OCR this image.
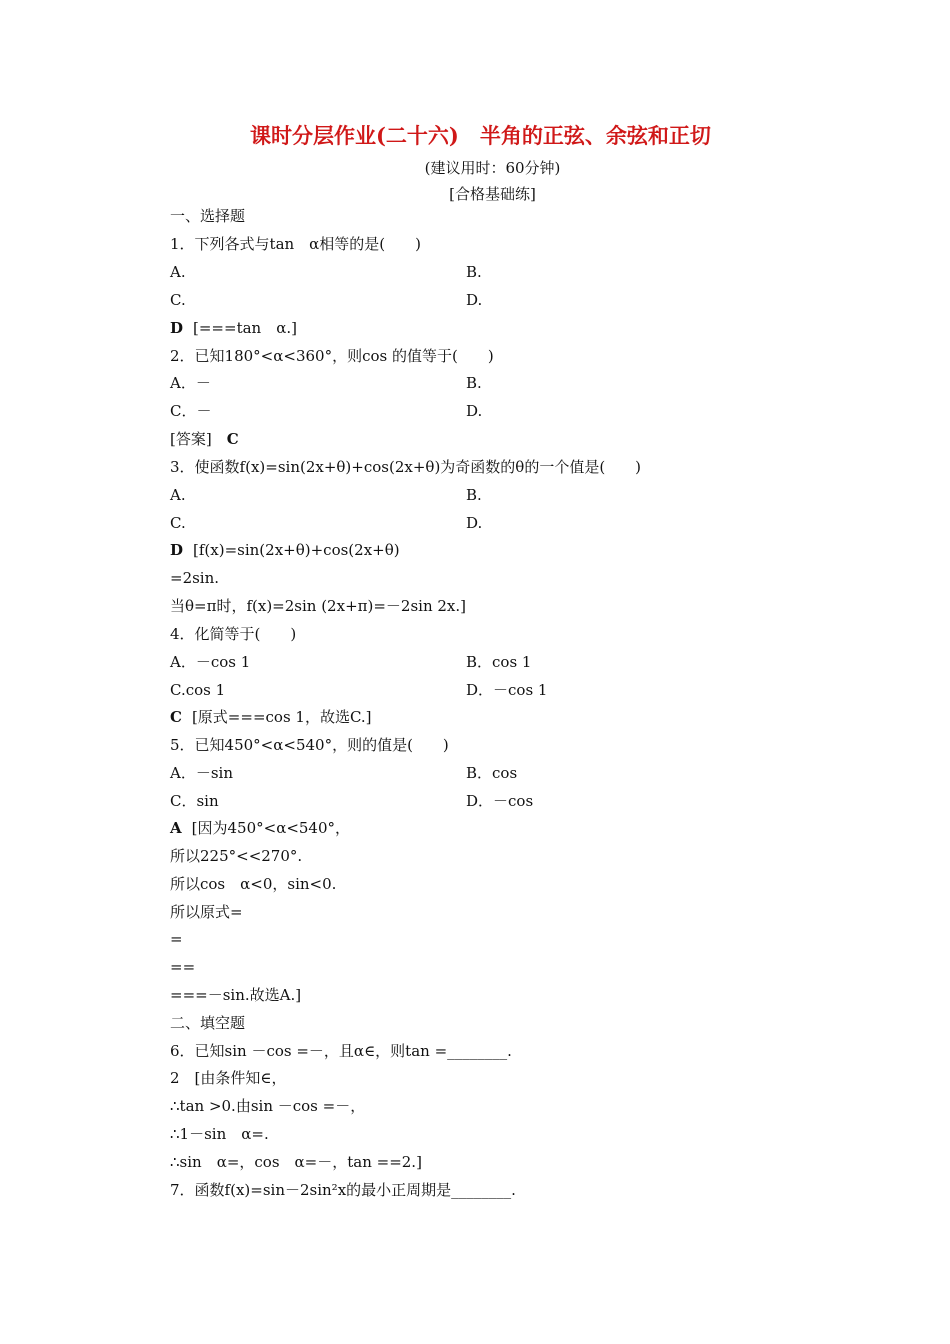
课时分层作业(二十六)　半角的正弦、余弦和正切
(建议用时：60分钟)
[合格基础练]
一、选择题
1．下列各式与tan　α相等的是(　　)
A.	B.
C.	D.
D [===tan　α.]
2．已知180°<α<360°，则cos 的值等于(　　)
A．－	B.
C．－	D.
[答案]　C
3．使函数f(x)=sin(2x+θ)+cos(2x+θ)为奇函数的θ的一个值是(　　)
A.	B.
C.	D.
D [f(x)=sin(2x+θ)+cos(2x+θ)
=2sin.
当θ=π时，f(x)=2sin (2x+π)=－2sin 2x.]
4．化简等于(　　)
A．－cos 1	B．cos 1
C.cos 1	D．－cos 1
C [原式===cos 1，故选C.]
5．已知450°<α<540°，则的值是(　　)
A．－sin	B．cos
C．sin	D．－cos
A [因为450°<α<540°，
所以225°<<270°.
所以cos　α<0，sin<0.
所以原式=
=
==
===－sin.故选A.]
二、填空题
6．已知sin －cos =－，且α∈，则tan =________.
2　[由条件知∈，
∴tan >0.由sin －cos =－，
∴1－sin　α=.
∴sin　α=，cos　α=－，tan ==2.]
7．函数f(x)=sin－2sin²x的最小正周期是________.
